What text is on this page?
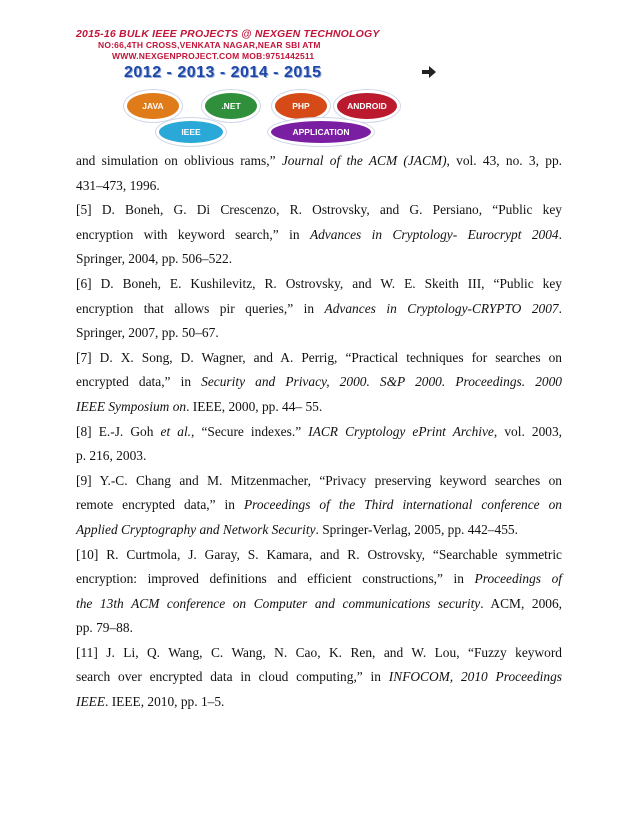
2015-16 BULK IEEE PROJECTS @ NEXGEN TECHNOLOGY
NO:66,4TH CROSS,VENKATA NAGAR,NEAR SBI ATM
WWW.NEXGENPROJECT.COM MOB:9751442511
2012 - 2013 - 2014 - 2015
JAVA	.NET	PHP	ANDROID
IEEE	APPLICATION
and simulation on oblivious rams,” Journal of the ACM (JACM), vol. 43, no. 3, pp.
431–473, 1996.
[5] D. Boneh, G. Di Crescenzo, R. Ostrovsky, and G. Persiano, “Public key
encryption with keyword search,” in Advances in Cryptology- Eurocrypt 2004.
Springer, 2004, pp. 506–522.
[6] D. Boneh, E. Kushilevitz, R. Ostrovsky, and W. E. Skeith III, “Public key
encryption that allows pir queries,” in Advances in Cryptology-CRYPTO 2007.
Springer, 2007, pp. 50–67.
[7] D. X. Song, D. Wagner, and A. Perrig, “Practical techniques for searches on
encrypted data,” in Security and Privacy, 2000. S&P 2000. Proceedings. 2000
IEEE Symposium on. IEEE, 2000, pp. 44– 55.
[8] E.-J. Goh et al., “Secure indexes.” IACR Cryptology ePrint Archive, vol. 2003,
p. 216, 2003.
[9] Y.-C. Chang and M. Mitzenmacher, “Privacy preserving keyword searches on
remote encrypted data,” in Proceedings of the Third international conference on
Applied Cryptography and Network Security. Springer-Verlag, 2005, pp. 442–455.
[10] R. Curtmola, J. Garay, S. Kamara, and R. Ostrovsky, “Searchable symmetric
encryption: improved definitions and efficient constructions,” in Proceedings of
the 13th ACM conference on Computer and communications security. ACM, 2006,
pp. 79–88.
[11] J. Li, Q. Wang, C. Wang, N. Cao, K. Ren, and W. Lou, “Fuzzy keyword
search over encrypted data in cloud computing,” in INFOCOM, 2010 Proceedings
IEEE. IEEE, 2010, pp. 1–5.
